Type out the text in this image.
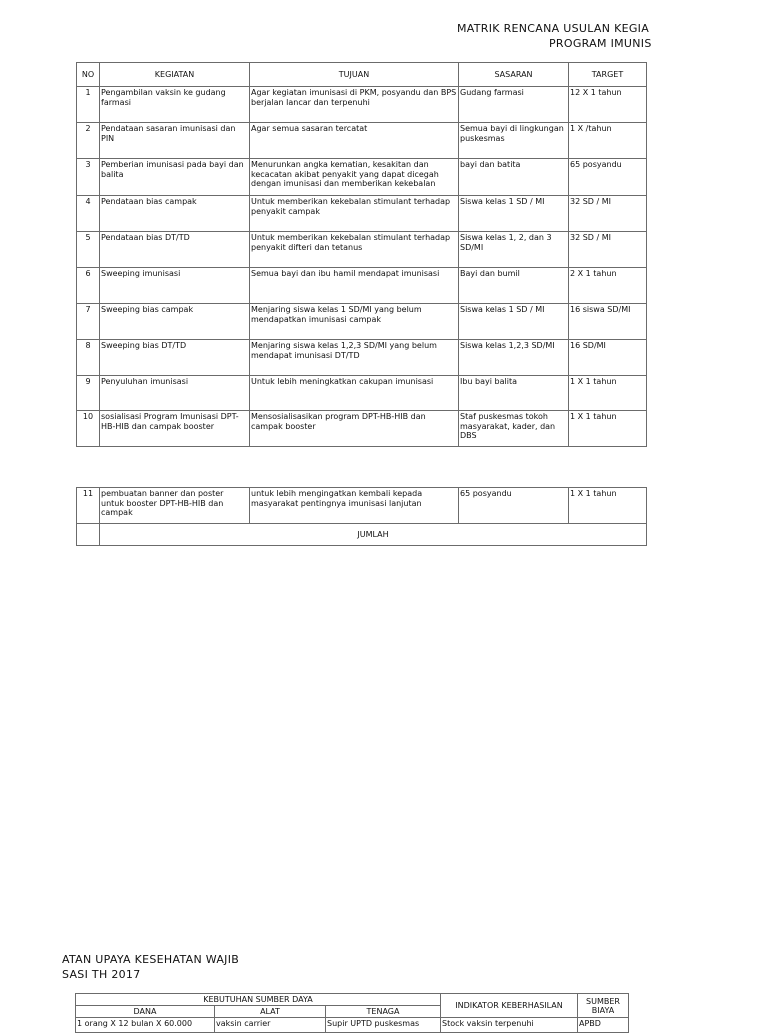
MATRIK RENCANA USULAN KEGIA
PROGRAM IMUNIS
NO	KEGIATAN	TUJUAN	SASARAN	TARGET
1	Pengambilan vaksin ke gudang farmasi	Agar kegiatan imunisasi di PKM, posyandu dan BPS berjalan lancar dan terpenuhi	Gudang farmasi	12 X 1 tahun
2	Pendataan sasaran imunisasi dan PIN	Agar semua sasaran tercatat	Semua bayi di lingkungan puskesmas	1 X /tahun
3	Pemberian imunisasi pada bayi dan balita	Menurunkan angka kematian, kesakitan dan kecacatan akibat penyakit yang dapat dicegah dengan imunisasi dan memberikan kekebalan	bayi dan batita	65 posyandu
4	Pendataan bias campak	Untuk memberikan kekebalan stimulant terhadap penyakit campak	Siswa kelas 1 SD / MI	32 SD / MI
5	Pendataan bias DT/TD	Untuk memberikan kekebalan stimulant terhadap penyakit difteri dan tetanus	Siswa kelas 1, 2, dan 3 SD/MI	32 SD / MI
6	Sweeping imunisasi	Semua bayi dan ibu hamil mendapat imunisasi	Bayi dan bumil	2 X 1 tahun
7	Sweeping bias campak	Menjaring siswa kelas 1 SD/MI yang belum mendapatkan imunisasi campak	Siswa kelas 1 SD / MI	16 siswa SD/MI
8	Sweeping bias DT/TD	Menjaring siswa kelas 1,2,3 SD/MI yang belum mendapat imunisasi DT/TD	Siswa kelas 1,2,3 SD/MI	16 SD/MI
9	Penyuluhan imunisasi	Untuk lebih meningkatkan cakupan imunisasi	Ibu bayi balita	1 X 1 tahun
10	sosialisasi Program Imunisasi DPT-HB-HIB dan campak booster	Mensosialisasikan program DPT-HB-HIB dan campak booster	Staf puskesmas tokoh masyarakat, kader, dan DBS	1 X 1 tahun
11	pembuatan banner dan poster untuk booster DPT-HB-HIB dan campak	untuk lebih mengingatkan kembali kepada masyarakat pentingnya imunisasi lanjutan	65 posyandu	1 X 1 tahun
	JUMLAH			
ATAN UPAYA KESEHATAN WAJIB
SASI TH 2017
KEBUTUHAN SUMBER DAYA			INDIKATOR KEBERHASILAN	SUMBER BIAYA
DANA	ALAT	TENAGA		
1 orang X 12 bulan X 60.000	vaksin carrier	Supir UPTD puskesmas	Stock vaksin terpenuhi	APBD
